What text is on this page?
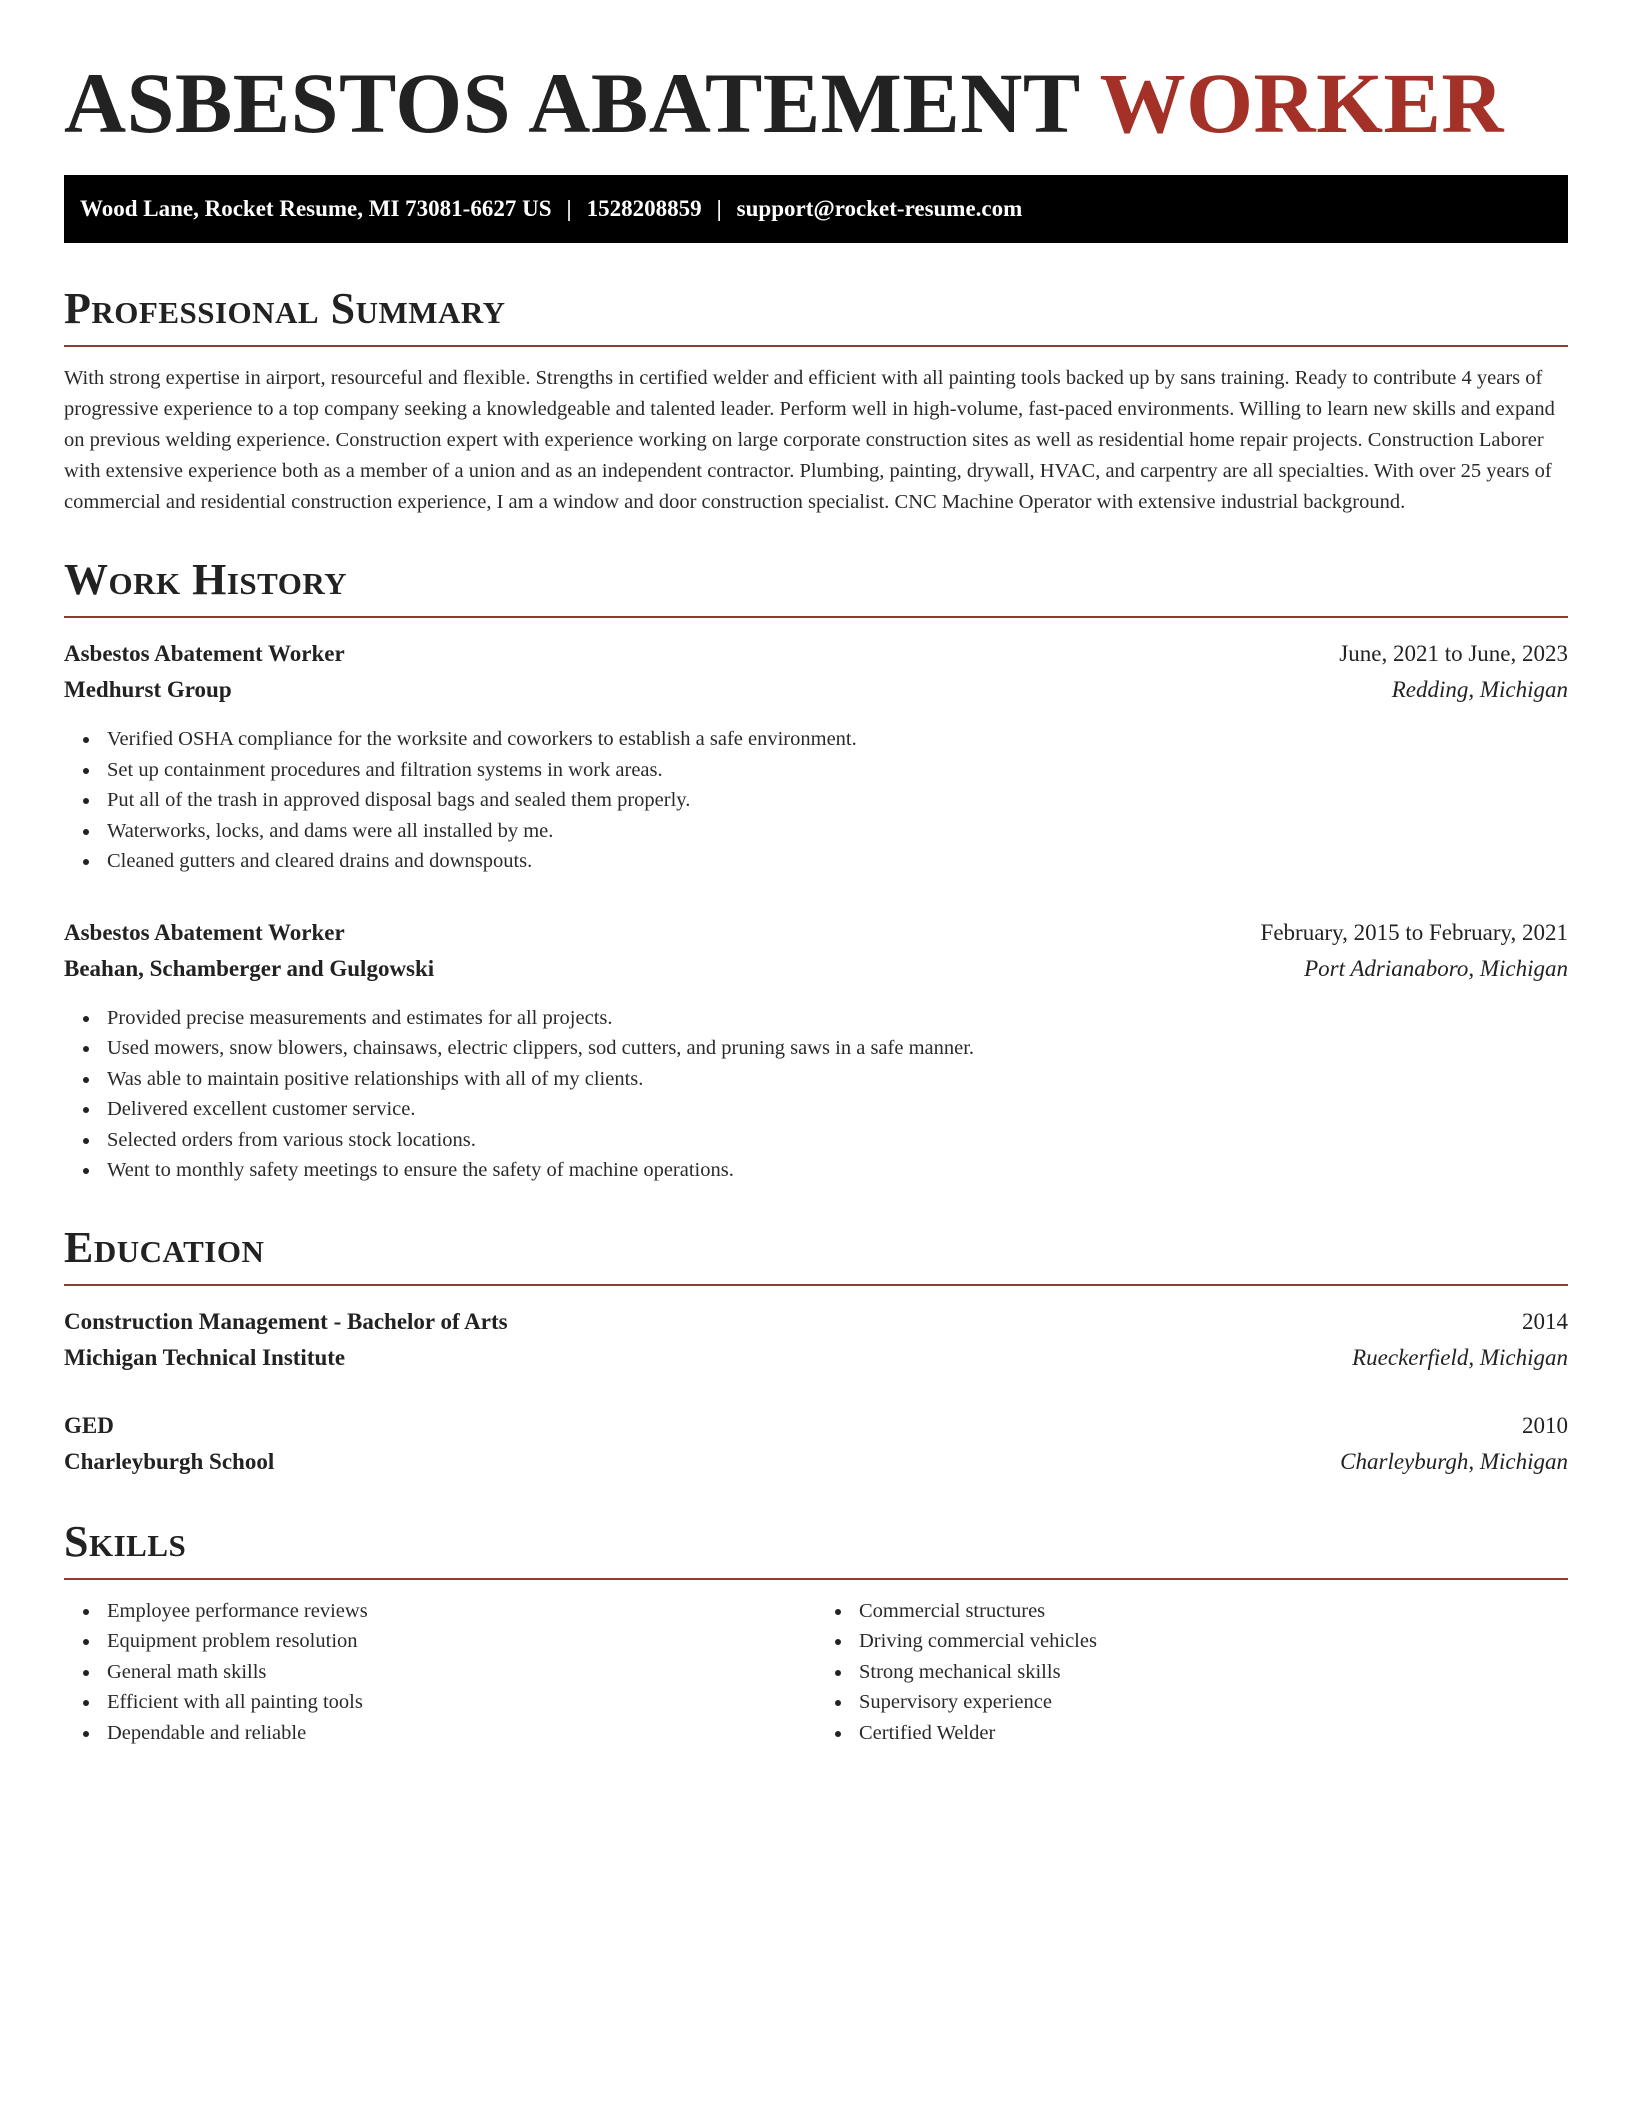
ASBESTOS ABATEMENT WORKER
Wood Lane, Rocket Resume, MI 73081-6627 US | 1528208859 | support@rocket-resume.com
Professional Summary

With strong expertise in airport, resourceful and flexible. Strengths in certified welder and efficient with all painting tools backed up by sans training. Ready to contribute 4 years of progressive experience to a top company seeking a knowledgeable and talented leader. Perform well in high-volume, fast-paced environments. Willing to learn new skills and expand on previous welding experience. Construction expert with experience working on large corporate construction sites as well as residential home repair projects. Construction Laborer with extensive experience both as a member of a union and as an independent contractor. Plumbing, painting, drywall, HVAC, and carpentry are all specialties. With over 25 years of commercial and residential construction experience, I am a window and door construction specialist. CNC Machine Operator with extensive industrial background.

Work History
Asbestos Abatement Worker	June, 2021 to June, 2023
Medhurst Group	Redding, Michigan
Verified OSHA compliance for the worksite and coworkers to establish a safe environment.
Set up containment procedures and filtration systems in work areas.
Put all of the trash in approved disposal bags and sealed them properly.
Waterworks, locks, and dams were all installed by me.
Cleaned gutters and cleared drains and downspouts.
Asbestos Abatement Worker	February, 2015 to February, 2021
Beahan, Schamberger and Gulgowski	Port Adrianaboro, Michigan
Provided precise measurements and estimates for all projects.
Used mowers, snow blowers, chainsaws, electric clippers, sod cutters, and pruning saws in a safe manner.
Was able to maintain positive relationships with all of my clients.
Delivered excellent customer service.
Selected orders from various stock locations.
Went to monthly safety meetings to ensure the safety of machine operations.
Education
Construction Management - Bachelor of Arts	2014
Michigan Technical Institute	Rueckerfield, Michigan
GED	2010
Charleyburgh School	Charleyburgh, Michigan
Skills
Employee performance reviews
Equipment problem resolution
General math skills
Efficient with all painting tools
Dependable and reliable
Commercial structures
Driving commercial vehicles
Strong mechanical skills
Supervisory experience
Certified Welder
